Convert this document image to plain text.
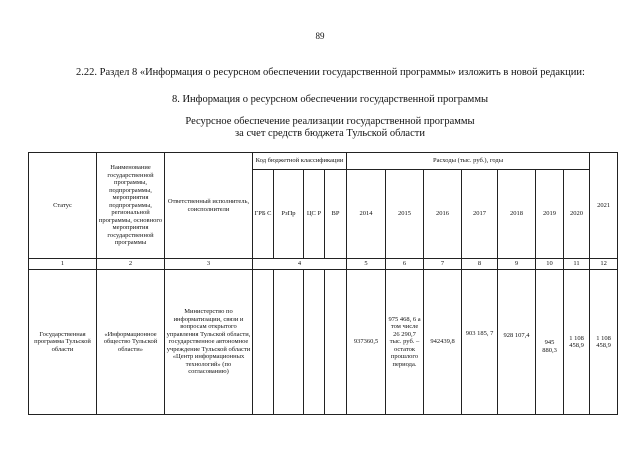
89
2.22. Раздел 8 «Информация о ресурсном обеспечении государственной программы» изложить в новой редакции:
8. Информация о ресурсном обеспечении государственной программы
Ресурсное обеспечение реализации государственной программы
за счет средств бюджета Тульской области
Статус	Наименование государственной программы, подпрограммы, мероприятия подпрограммы, региональной программы, основного мероприятия государственной программы	Ответственный исполнитель, соисполнители	Код бюджетной классификации				Расходы (тыс. руб.), годы							2021
			ГРБ С	РзПр	ЦС Р	ВР	2014	2015	2016	2017	2018	2019	2020	
1	2	3	4				5	6	7	8	9	10	11	12
Государственная программа Тульской области	«Информационное общество Тульской области»	Министерство по информатизации, связи и вопросам открытого управления Тульской области, государственное автономное учреждение Тульской области «Центр информационных технологий» (по согласованию)					937360,5	975 468, 6 а том числе 26 290,7 тыс. руб. – остаток прошлого периода.	942439,8	903 185, 7	928 107,4	945 880,3	1 108 458,9	1 108 458,9
